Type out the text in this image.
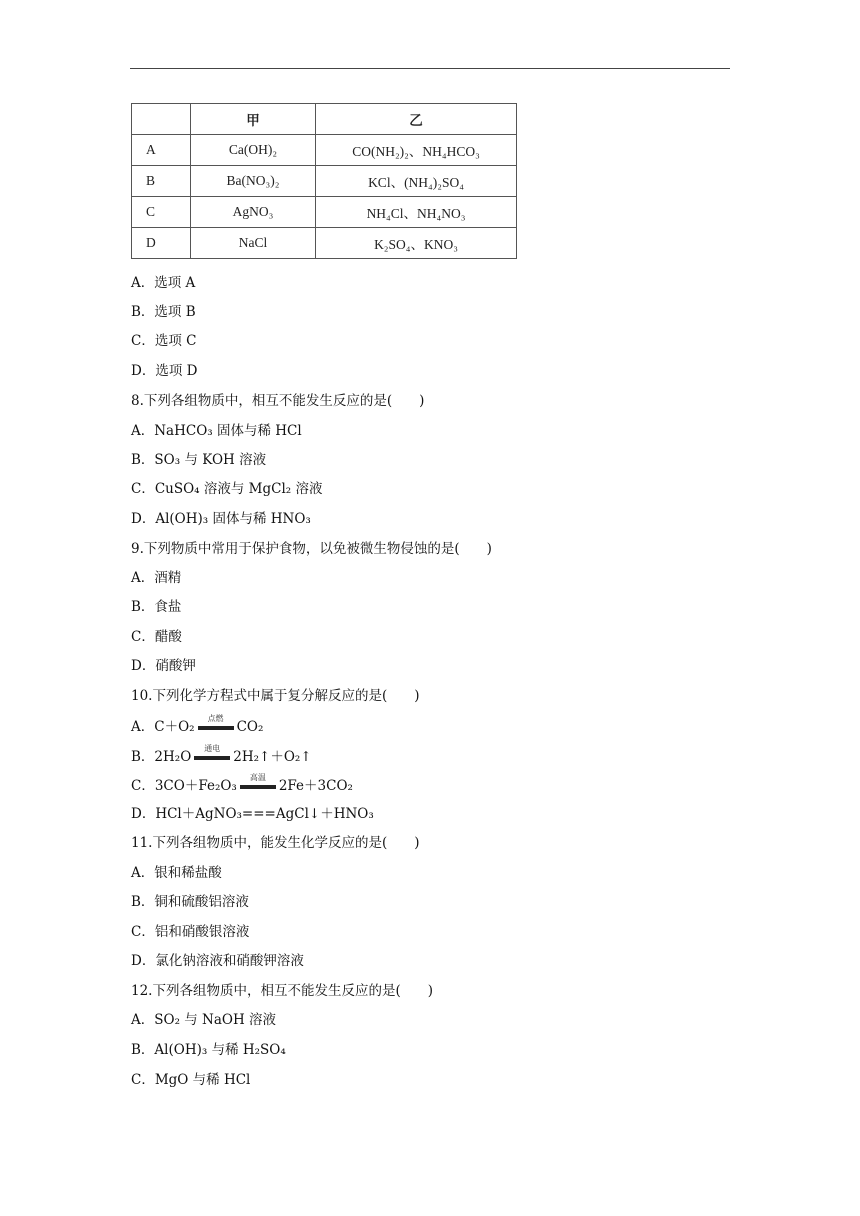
	甲	乙
A	Ca(OH)₂	CO(NH₂)₂、NH₄HCO₃
B	Ba(NO₃)₂	KCl、(NH₄)₂SO₄
C	AgNO₃	NH₄Cl、NH₄NO₃
D	NaCl	K₂SO₄、KNO₃
A．选项 A
B．选项 B
C．选项 C
D．选项 D
8.下列各组物质中，相互不能发生反应的是(　　)
A．NaHCO₃ 固体与稀 HCl
B．SO₃ 与 KOH 溶液
C．CuSO₄ 溶液与 MgCl₂ 溶液
D．Al(OH)₃ 固体与稀 HNO₃
9.下列物质中常用于保护食物，以免被微生物侵蚀的是(　　)
A．酒精
B．食盐
C．醋酸
D．硝酸钾
10.下列化学方程式中属于复分解反应的是(　　)
A．C＋O₂
点燃
CO₂
B．2H₂O
通电
2H₂↑＋O₂↑
C．3CO＋Fe₂O₃
高温
2Fe＋3CO₂
D．HCl＋AgNO₃===AgCl↓＋HNO₃
11.下列各组物质中，能发生化学反应的是(　　)
A．银和稀盐酸
B．铜和硫酸铝溶液
C．铝和硝酸银溶液
D．氯化钠溶液和硝酸钾溶液
12.下列各组物质中，相互不能发生反应的是(　　)
A．SO₂ 与 NaOH 溶液
B．Al(OH)₃ 与稀 H₂SO₄
C．MgO 与稀 HCl
